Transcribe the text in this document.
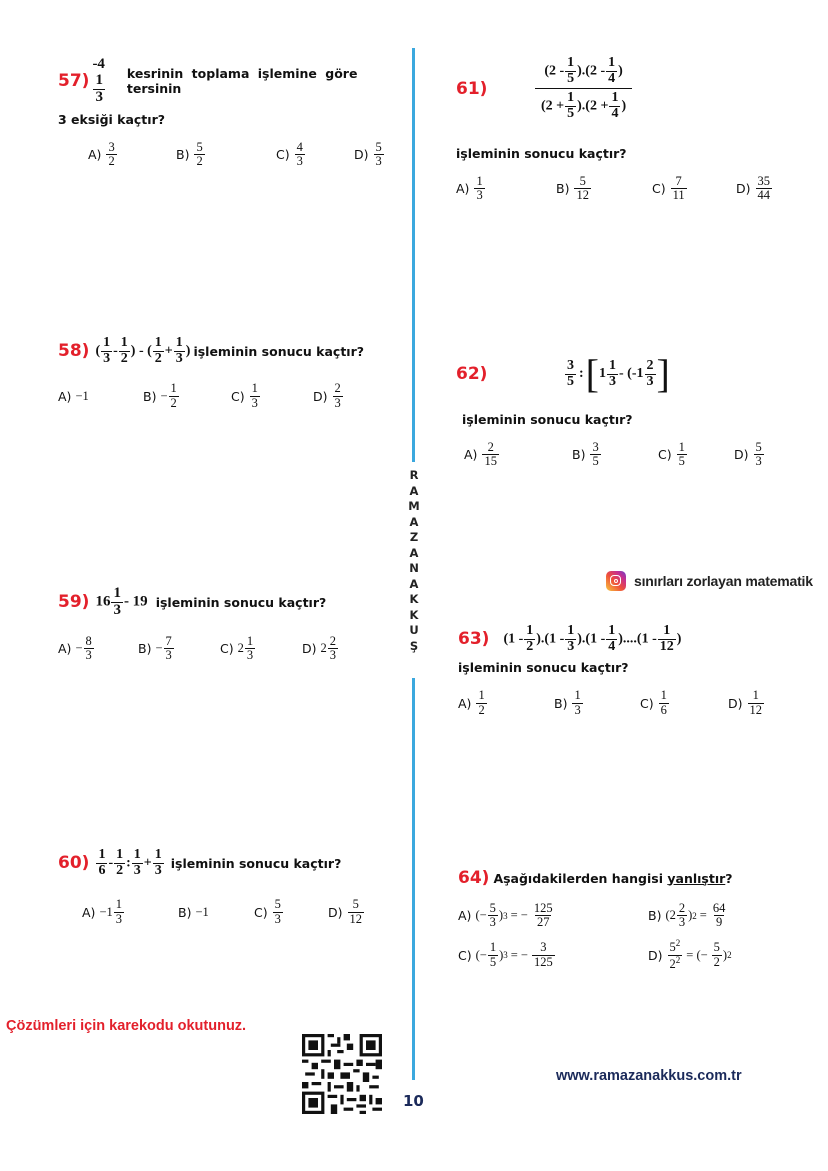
R
A
M
A
Z
A
N
A
K
K
U
Ş
10
57)
-4
$\frac{1}{3}$ kesrinin toplama işlemine göre tersinin
3 eksiği kaçtır?
$A) \frac{3}{2}$	$B) \frac{5}{2}$	$C) \frac{4}{3}$	$D) \frac{5}{3}$
58) ( $\frac{1}{3} - \frac{1}{2}$ ) - ( $\frac{1}{2} + \frac{1}{3}$ ) işleminin sonucu kaçtır?
A) −1	$B) - \frac{1}{2}$	$C) \frac{1}{3}$	$D) \frac{2}{3}$
59) $16 \frac{1}{3} - 19$ işleminin sonucu kaçtır?
$A) - \frac{8}{3}$	$B) - \frac{7}{3}$	C) $2 \frac{1}{3}$	D) $2 \frac{2}{3}$
$60) \frac{1}{6} - \frac{1}{2}$ : $\frac{1}{3} + \frac{1}{3}$ işleminin sonucu kaçtır?
$A) -1 \frac{1}{3}$	B) −1	$C) \frac{5}{3}$	$D) \frac{5}{12}$
Çözümleri için karekodu okutunuz.
61)	$\frac{(2 - \frac{1}{5} ).(2 - \frac{1}{4} )}{(2 + \frac{1}{5} ).(2 + \frac{1}{4} )}$
işleminin sonucu kaçtır?
$A) \frac{1}{3}$	$B) \frac{5}{12}$	$C) \frac{7}{11}$	$D) \frac{35}{44}$
62)	$\frac{3}{5}$ : [ $1 \frac{1}{3} - (-1 \frac{2}{3}$ ]
işleminin sonucu kaçtır?
$A) \frac{2}{15}$	$B) \frac{3}{5}$	$C) \frac{1}{5}$	$D) \frac{5}{3}$
sınırları zorlayan matematik
63) $(1 - \frac{1}{2} ).(1 - \frac{1}{3} ).(1 - \frac{1}{4} )....(1 - \frac{1}{12}$ )
işleminin sonucu kaçtır?
$A) \frac{1}{2}$	$B) \frac{1}{3}$	$C) \frac{1}{6}$	$D) \frac{1}{12}$
64) Aşağıdakilerden hangisi yanlıştır?
A) (− $\frac{5}{3}$ ) 3 = − $\frac{125}{27}$	B) ($2 \frac{2}{3}$ ) $2 = \frac{64}{9}$
C) (− $\frac{1}{5}$ ) 3 = − $\frac{3}{125}$	$D) \frac{5^2}{2^2}$ = (− $\frac{5}{2}$ ) 2
www.ramazanakkus.com.tr
